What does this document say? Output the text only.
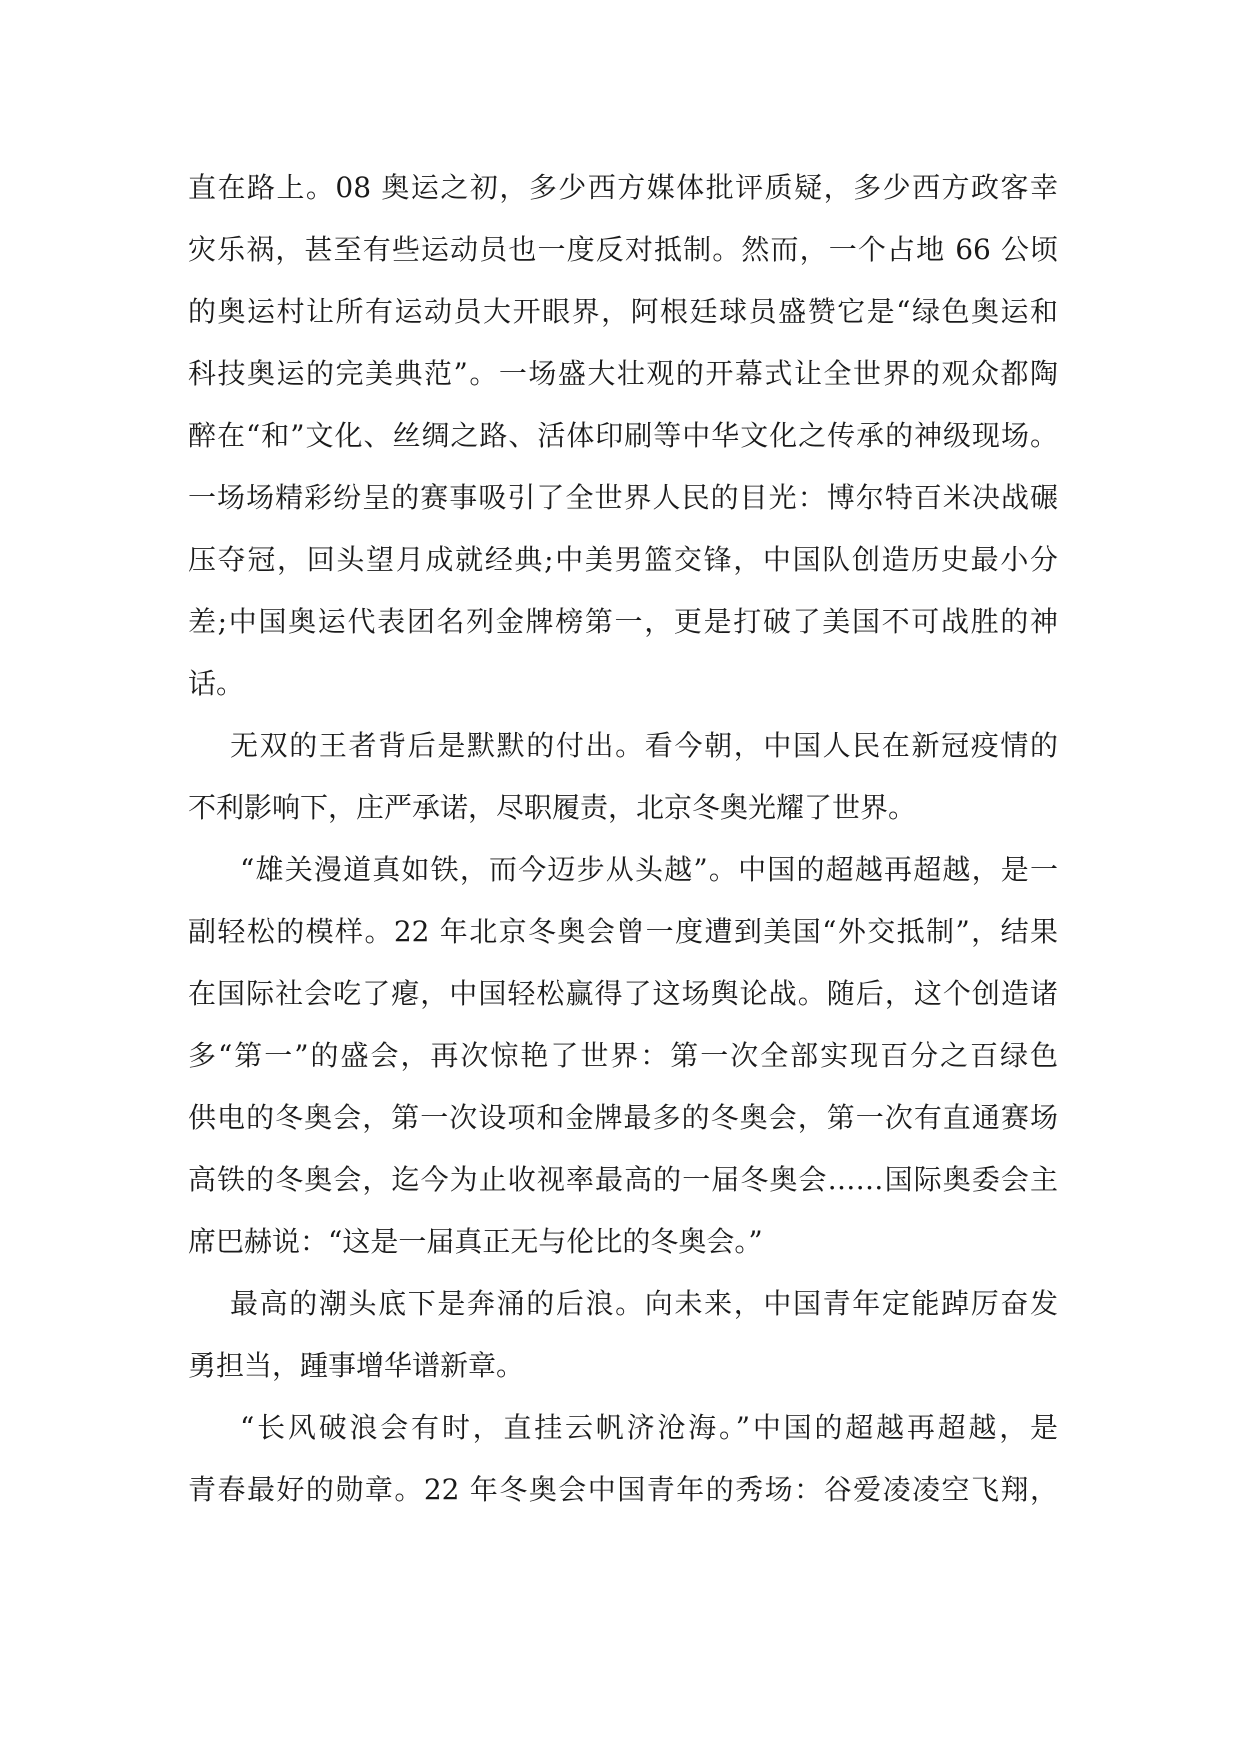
直在路上。08 奥运之初，多少西方媒体批评质疑，多少西方政客幸
灾乐祸，甚至有些运动员也一度反对抵制。然而，一个占地 66 公顷
的奥运村让所有运动员大开眼界，阿根廷球员盛赞它是“绿色奥运和
科技奥运的完美典范”。一场盛大壮观的开幕式让全世界的观众都陶
醉在“和”文化、丝绸之路、活体印刷等中华文化之传承的神级现场。
一场场精彩纷呈的赛事吸引了全世界人民的目光：博尔特百米决战碾
压夺冠，回头望月成就经典;中美男篮交锋，中国队创造历史最小分
差;中国奥运代表团名列金牌榜第一，更是打破了美国不可战胜的神
话。
无双的王者背后是默默的付出。看今朝，中国人民在新冠疫情的
不利影响下，庄严承诺，尽职履责，北京冬奥光耀了世界。
“雄关漫道真如铁，而今迈步从头越”。中国的超越再超越，是一
副轻松的模样。22 年北京冬奥会曾一度遭到美国“外交抵制”，结果
在国际社会吃了瘪，中国轻松赢得了这场舆论战。随后，这个创造诸
多“第一”的盛会，再次惊艳了世界：第一次全部实现百分之百绿色
供电的冬奥会，第一次设项和金牌最多的冬奥会，第一次有直通赛场
高铁的冬奥会，迄今为止收视率最高的一届冬奥会……国际奥委会主
席巴赫说：“这是一届真正无与伦比的冬奥会。”
最高的潮头底下是奔涌的后浪。向未来，中国青年定能踔厉奋发
勇担当，踵事增华谱新章。
“长风破浪会有时，直挂云帆济沧海。”中国的超越再超越，是
青春最好的勋章。22 年冬奥会中国青年的秀场：谷爱凌凌空飞翔，
